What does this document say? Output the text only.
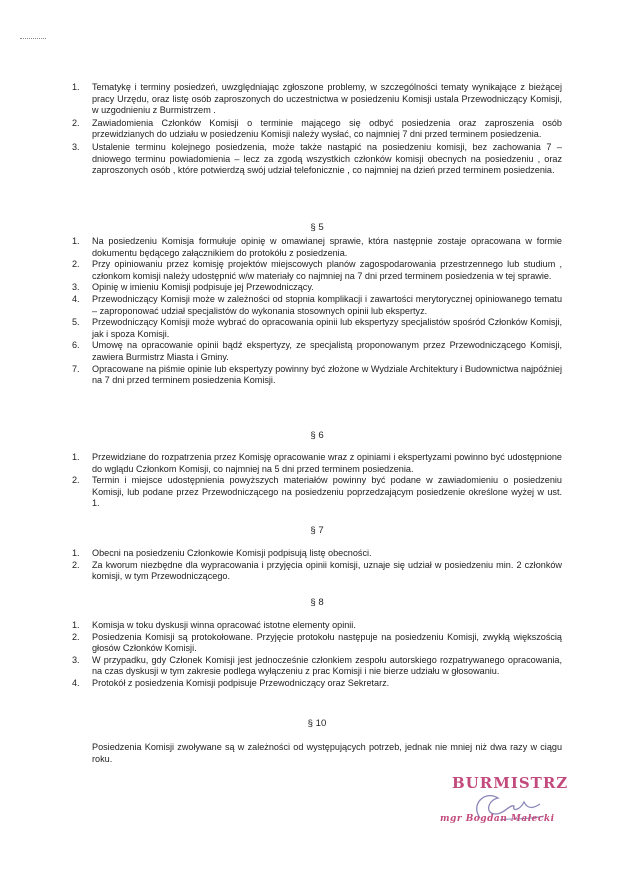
1.	Tematykę i terminy posiedzeń, uwzględniając zgłoszone problemy, w szczególności tematy wynikające z bieżącej pracy Urzędu, oraz listę osób zaproszonych do uczestnictwa w posiedzeniu Komisji ustala Przewodniczący Komisji, w uzgodnieniu z Burmistrzem .
2.	Zawiadomienia Członków Komisji o terminie mającego się odbyć posiedzenia oraz zaproszenia osób przewidzianych do udziału w posiedzeniu Komisji należy wysłać, co najmniej 7 dni przed terminem posiedzenia.
3.	Ustalenie terminu kolejnego posiedzenia, może także nastąpić na posiedzeniu komisji, bez zachowania 7 – dniowego terminu powiadomienia – lecz za zgodą wszystkich członków komisji obecnych na posiedzeniu , oraz zaproszonych osób , które potwierdzą swój udział telefonicznie , co najmniej na dzień przed terminem posiedzenia.
§ 5
1.	Na posiedzeniu Komisja formułuje opinię w omawianej sprawie, która następnie zostaje opracowana w formie dokumentu będącego załącznikiem do protokółu z posiedzenia.
2.	Przy opiniowaniu przez komisję projektów miejscowych planów zagospodarowania przestrzennego lub studium , członkom komisji należy udostępnić w/w materiały co najmniej na 7 dni przed terminem posiedzenia w tej sprawie.
3.	Opinię w imieniu Komisji podpisuje jej Przewodniczący.
4.	Przewodniczący Komisji może w zależności od stopnia komplikacji i zawartości merytorycznej opiniowanego tematu – zaproponować udział specjalistów do wykonania stosownych opinii lub ekspertyz.
5.	Przewodniczący Komisji może wybrać do opracowania opinii lub ekspertyzy specjalistów spośród Członków Komisji, jak i spoza Komisji.
6.	Umowę na opracowanie opinii bądź ekspertyzy, ze specjalistą proponowanym przez Przewodniczącego Komisji, zawiera Burmistrz Miasta i Gminy.
7.	Opracowane na piśmie opinie lub ekspertyzy powinny być złożone w Wydziale Architektury i Budownictwa najpóźniej na 7 dni przed terminem posiedzenia Komisji.
§ 6
1.	Przewidziane do rozpatrzenia przez Komisję opracowanie wraz z opiniami i ekspertyzami powinno być udostępnione do wglądu Członkom Komisji, co najmniej na 5 dni przed terminem posiedzenia.
2.	Termin i miejsce udostępnienia powyższych materiałów powinny być podane w zawiadomieniu o posiedzeniu Komisji, lub podane przez Przewodniczącego na posiedzeniu poprzedzającym posiedzenie określone wyżej w ust. 1.
§ 7
1.	Obecni na posiedzeniu Członkowie Komisji podpisują listę obecności.
2.	Za kworum niezbędne dla wypracowania i przyjęcia opinii komisji, uznaje się udział w posiedzeniu min. 2 członków komisji, w tym Przewodniczącego.
§ 8
1.	Komisja w toku dyskusji winna opracować istotne elementy opinii.
2.	Posiedzenia Komisji są protokołowane. Przyjęcie protokołu następuje na posiedzeniu Komisji, zwykłą większością głosów Członków Komisji.
3.	W przypadku, gdy Członek Komisji jest jednocześnie członkiem zespołu autorskiego rozpatrywanego opracowania, na czas dyskusji w tym zakresie podlega wyłączeniu z prac Komisji i nie bierze udziału w głosowaniu.
4.	Protokół z posiedzenia Komisji podpisuje Przewodniczący oraz Sekretarz.
§ 10
Posiedzenia Komisji zwoływane są w zależności od występujących potrzeb, jednak nie mniej niż dwa razy w ciągu roku.
BURMISTRZ
mgr Bogdan Małecki
